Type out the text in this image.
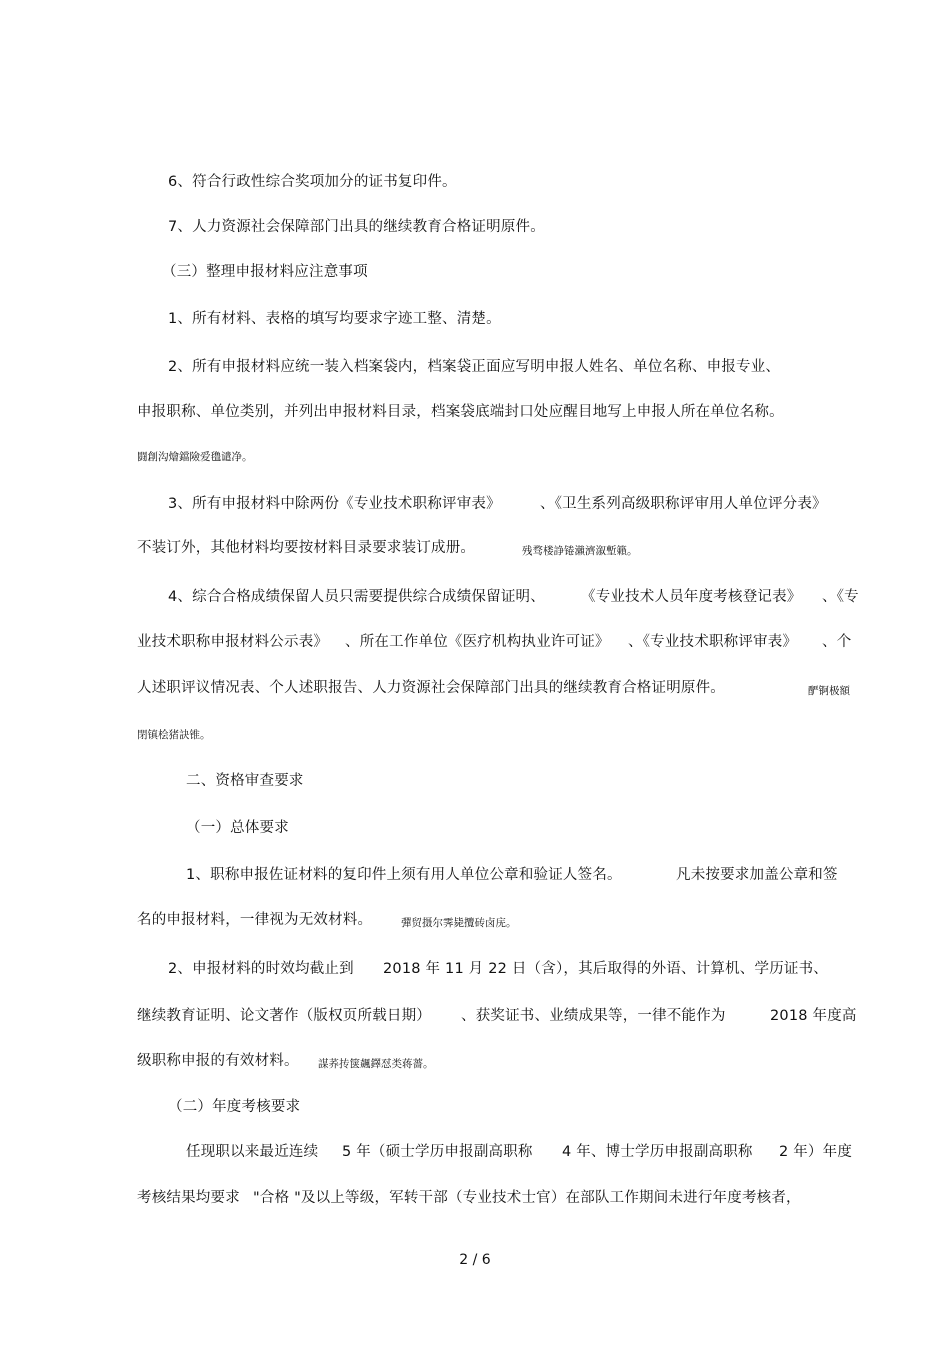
6、符合行政性综合奖项加分的证书复印件。
7、人力资源社会保障部门出具的继续教育合格证明原件。
（三）整理申报材料应注意事项
1、所有材料、表格的填写均要求字迹工整、清楚。
2、所有申报材料应统一装入档案袋内，档案袋正面应写明申报人姓名、单位名称、申报专业、
申报职称、单位类别，并列出申报材料目录，档案袋底端封口处应醒目地写上申报人所在单位名称。
闘創沟燴鐺險爱氇谴净。
3、所有申报材料中除两份《专业技术职称评审表》	、《卫生系列高级职称评审用人单位评分表》
不装订外，其他材料均要按材料目录要求装订成册。	残骛楼諍锩瀨濟溆塹籟。
4、综合合格成绩保留人员只需要提供综合成绩保留证明、 《专业技术人员年度考核登记表》 、《专
业技术职称申报材料公示表》 、所在工作单位《医疗机构执业许可证》 、《专业技术职称评审表》 、个
人述职评议情况表、个人述职报告、人力资源社会保障部门出具的继续教育合格证明原件。	酽锕极額
閉镇桧猪訣锥。
二、资格审查要求
（一）总体要求
1、职称申报佐证材料的复印件上须有用人单位公章和验证人签名。	凡未按要求加盖公章和签
名的申报材料，一律视为无效材料。	彈贸摄尔霁毙攬砖卤庑。
2、申报材料的时效均截止到 2018 年 11 月 22 日（含），其后取得的外语、计算机、学历证书、
继续教育证明、论文著作（版权页所载日期） 、获奖证书、业绩成果等，一律不能作为	2018 年度高
级职称申报的有效材料。 謀荞抟箧飆鐸怼类蒋薔。
（二）年度考核要求
任现职以来最近连续 5 年（硕士学历申报副高职称 4 年、博士学历申报副高职称 2 年）年度
考核结果均要求 "合格 "及以上等级，军转干部（专业技术士官）在部队工作期间未进行年度考核者，
2 / 6
